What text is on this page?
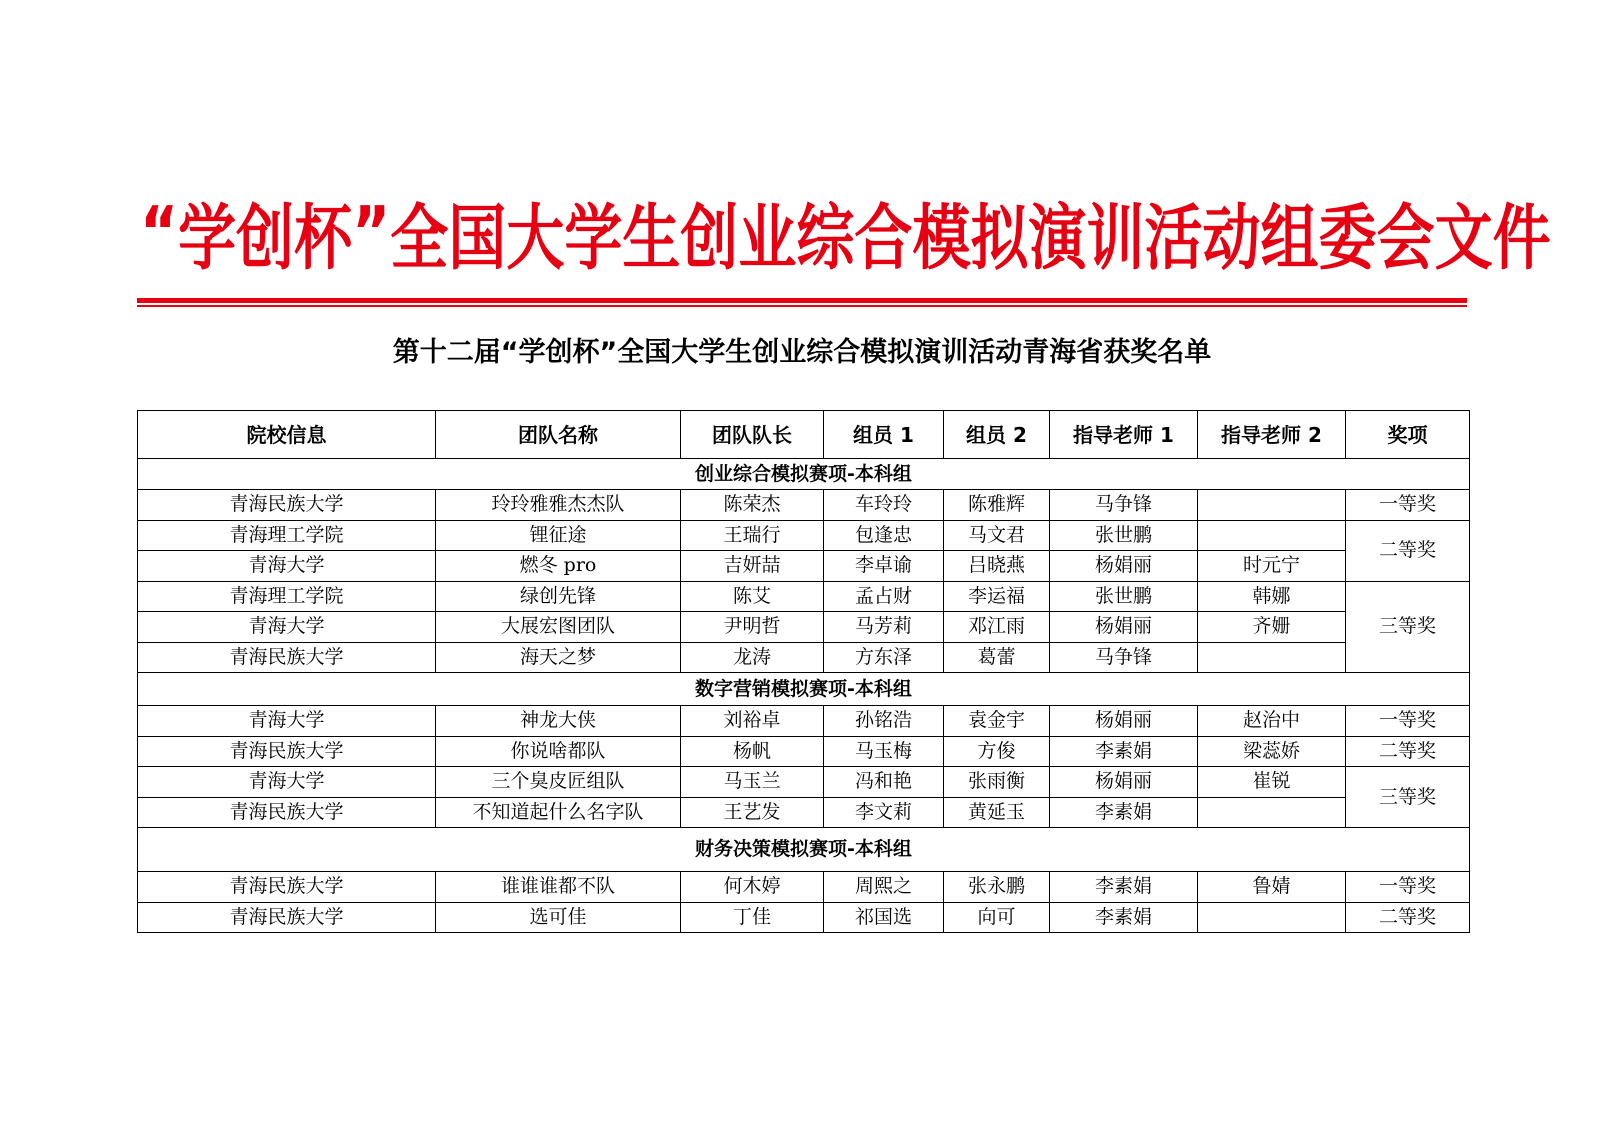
“ 学 创 杯 ” 全 国 大 学 生 创 业 综 合 模 拟 演 训 活 动 组 委 会 文 件
第十二届“学创杯”全国大学生创业综合模拟演训活动青海省获奖名单
院校信息	团队名称	团队队长	组员 1	组员 2	指导老师 1	指导老师 2	奖项
创业综合模拟赛项-本科组							
青海民族大学	玲玲雅雅杰杰队	陈荣杰	车玲玲	陈雅辉	马争锋		一等奖
青海理工学院	锂征途	王瑞行	包逢忠	马文君	张世鹏		二等奖
青海大学	燃冬 pro	吉妍喆	李卓谕	吕晓燕	杨娟丽	时元宁	
青海理工学院	绿创先锋	陈艾	孟占财	李运福	张世鹏	韩娜	三等奖
青海大学	大展宏图团队	尹明哲	马芳莉	邓江雨	杨娟丽	齐姗	
青海民族大学	海天之梦	龙涛	方东泽	葛蕾	马争锋		
数字营销模拟赛项-本科组							
青海大学	神龙大侠	刘裕卓	孙铭浩	袁金宇	杨娟丽	赵治中	一等奖
青海民族大学	你说啥都队	杨帆	马玉梅	方俊	李素娟	梁蕊娇	二等奖
青海大学	三个臭皮匠组队	马玉兰	冯和艳	张雨衡	杨娟丽	崔锐	三等奖
青海民族大学	不知道起什么名字队	王艺发	李文莉	黄延玉	李素娟		
财务决策模拟赛项-本科组							
青海民族大学	谁谁谁都不队	何木婷	周熙之	张永鹏	李素娟	鲁婧	一等奖
青海民族大学	选可佳	丁佳	祁国选	向可	李素娟		二等奖
